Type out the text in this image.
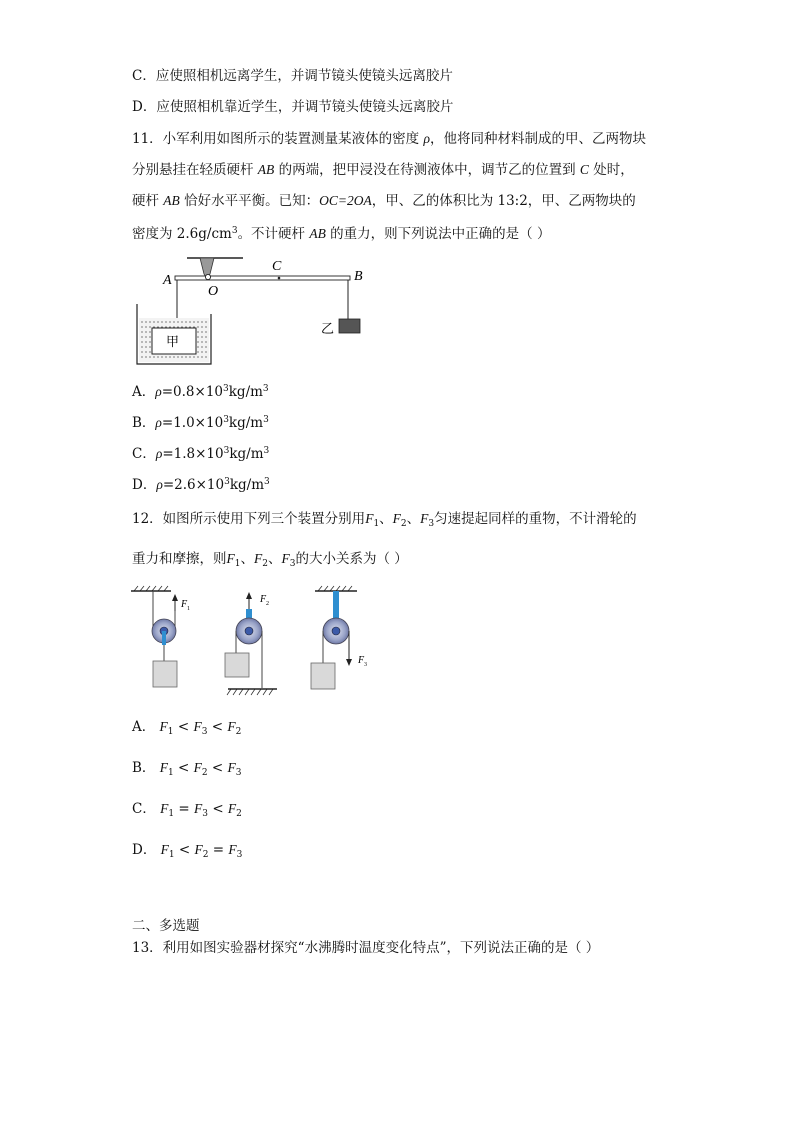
C．应使照相机远离学生，并调节镜头使镜头远离胶片
D．应使照相机靠近学生，并调节镜头使镜头远离胶片
11．小军利用如图所示的装置测量某液体的密度 ρ，他将同种材料制成的甲、乙两物块
分别悬挂在轻质硬杆 AB 的两端，把甲浸没在待测液体中，调节乙的位置到 C 处时，
硬杆 AB 恰好水平平衡。已知：OC=2OA，甲、乙的体积比为 13:2，甲、乙两物块的
密度为 $2.6g/cm^3$。不计硬杆 AB 的重力，则下列说法中正确的是（ ）
A
O
C
B
甲
乙
A．$\rho=0.8\times 10^3kg/m^3$
B．$\rho=1.0\times 10^3kg/m^3$
C．$\rho=1.8\times 10^3kg/m^3$
D．$\rho=2.6\times 10^3kg/m^3$
12．如图所示使用下列三个装置分别用$F_1$、$F_2$、$F_3$匀速提起同样的重物，不计滑轮的
重力和摩擦，则$F_1$、$F_2$、$F_3$的大小关系为（ ）
F 1
F 2
F 3
A． $F_1 < F_3 < F_2$
B． $F_1 < F_2 < F_3$
C． $F_1 = F_3 < F_2$
D． $F_1 < F_2 = F_3$
二、多选题
13．利用如图实验器材探究“水沸腾时温度变化特点”，下列说法正确的是（ ）
